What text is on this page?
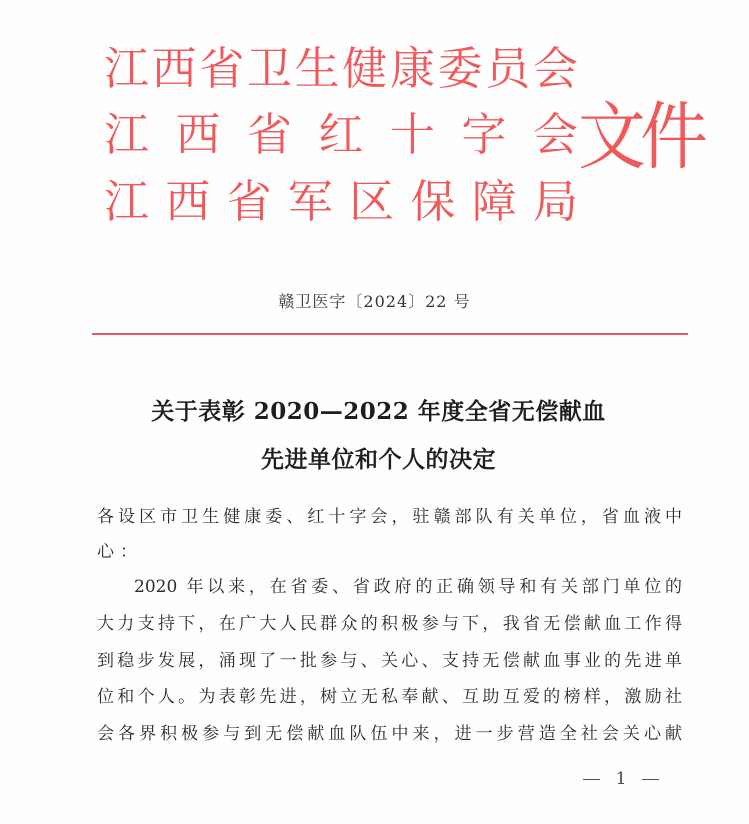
江 西 省 卫 生 健 康 委 员 会
江 西 省 红 十 字 会
江 西 省 军 区 保 障 局
文件
赣卫医字〔2024〕22 号
关于表彰 2020—2022 年度全省无偿献血
先进单位和个人的决定
各设区市卫生健康委、红十字会，驻赣部队有关单位，省血液中
心：
2020 年以来，在省委、省政府的正确领导和有关部门单位的
大力支持下，在广大人民群众的积极参与下，我省无偿献血工作得
到稳步发展，涌现了一批参与、关心、支持无偿献血事业的先进单
位和个人。为表彰先进，树立无私奉献、互助互爱的榜样，激励社
会各界积极参与到无偿献血队伍中来，进一步营造全社会关心献
1
